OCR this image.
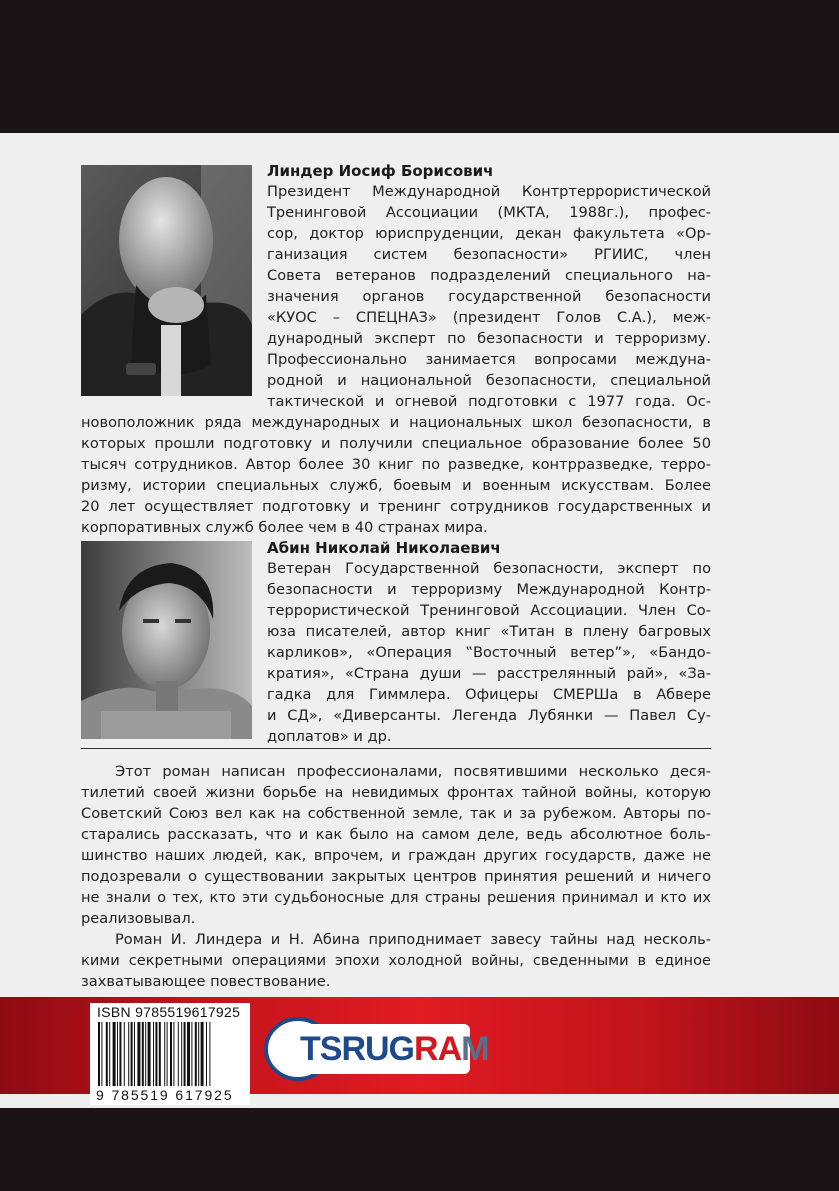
Линдер Иосиф Борисович
Президент Международной Контртеррористической
Тренинговой Ассоциации (МКТА, 1988г.), профес-
сор, доктор юриспруденции, декан факультета «Ор-
ганизация систем безопасности» РГИИС, член
Совета ветеранов подразделений специального на-
значения органов государственной безопасности
«КУОС – СПЕЦНАЗ» (президент Голов С.А.), меж-
дународный эксперт по безопасности и терроризму.
Профессионально занимается вопросами междуна-
родной и национальной безопасности, специальной
тактической и огневой подготовки с 1977 года. Ос-
новоположник ряда международных и национальных школ безопасности, в
которых прошли подготовку и получили специальное образование более 50
тысяч сотрудников. Автор более 30 книг по разведке, контрразведке, терро-
ризму, истории специальных служб, боевым и военным искусствам. Более
20 лет осуществляет подготовку и тренинг сотрудников государственных и
корпоративных служб более чем в 40 странах мира.
Абин Николай Николаевич
Ветеран Государственной безопасности, эксперт по
безопасности и терроризму Международной Контр-
террористической Тренинговой Ассоциации. Член Со-
юза писателей, автор книг «Титан в плену багровых
карликов», «Операция ‟Восточный ветер”», «Бандо-
кратия», «Страна души — расстрелянный рай», «За-
гадка для Гиммлера. Офицеры СМЕРШа в Абвере
и СД», «Диверсанты. Легенда Лубянки — Павел Су-
доплатов» и др.
Этот роман написан профессионалами, посвятившими несколько деся-
тилетий своей жизни борьбе на невидимых фронтах тайной войны, которую
Советский Союз вел как на собственной земле, так и за рубежом. Авторы по-
старались рассказать, что и как было на самом деле, ведь абсолютное боль-
шинство наших людей, как, впрочем, и граждан других государств, даже не
подозревали о существовании закрытых центров принятия решений и ничего
не знали о тех, кто эти судьбоносные для страны решения принимал и кто их
реализовывал.
Роман И. Линдера и Н. Абина приподнимает завесу тайны над несколь-
кими секретными операциями эпохи холодной войны, сведенными в единое
захватывающее повествование.
ISBN 9785519617925
9 785519 617925
TSRUGRAM
